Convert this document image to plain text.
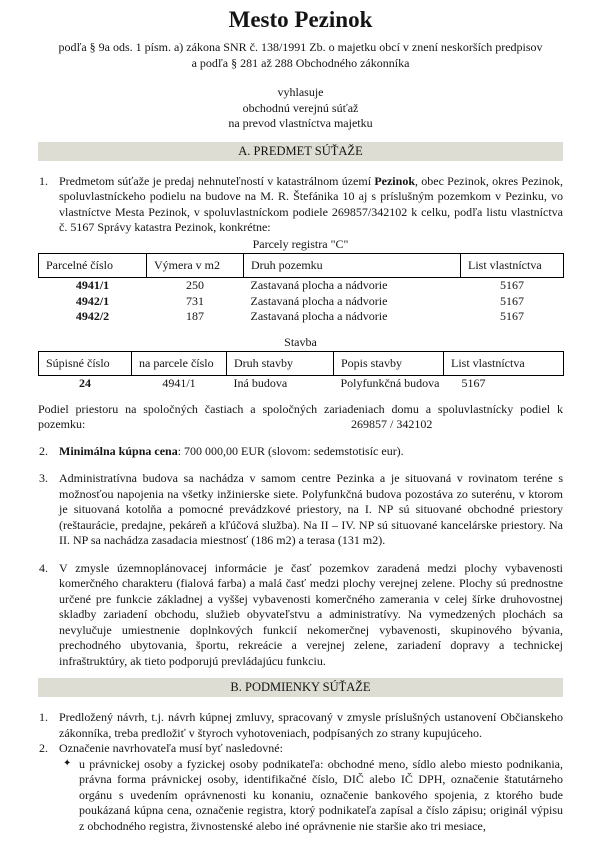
Mesto Pezinok
podľa § 9a ods. 1 písm. a) zákona SNR č. 138/1991 Zb. o majetku obcí v znení neskorších predpisov
a podľa § 281 až 288 Obchodného zákonníka
vyhlasuje
obchodnú verejnú súťaž
na prevod vlastníctva majetku
A. PREDMET SÚŤAŽE
1. Predmetom súťaže je predaj nehnuteľností v katastrálnom území Pezinok, obec Pezinok, okres Pezinok, spoluvlastníckeho podielu na budove na M. R. Štefánika 10 aj s príslušným pozemkom v Pezinku, vo vlastníctve Mesta Pezinok, v spoluvlastníckom podiele 269857/342102 k celku, podľa listu vlastníctva č. 5167 Správy katastra Pezinok, konkrétne:
Parcely registra "C"
Parcelné číslo	Výmera v m2	Druh pozemku	List vlastníctva
4941/1	250	Zastavaná plocha a nádvorie	5167
4942/1	731	Zastavaná plocha a nádvorie	5167
4942/2	187	Zastavaná plocha a nádvorie	5167
Stavba
Súpisné číslo	na parcele číslo	Druh stavby	Popis stavby	List vlastníctva
24	4941/1	Iná budova	Polyfunkčná budova	5167
Podiel priestoru na spoločných častiach a spoločných zariadeniach domu a spoluvlastnícky podiel k
pozemku:	269857 / 342102
2. Minimálna kúpna cena: 700 000,00 EUR (slovom: sedemstotisíc eur).
3. Administratívna budova sa nachádza v samom centre Pezinka a je situovaná v rovinatom teréne s možnosťou napojenia na všetky inžinierske siete. Polyfunkčná budova pozostáva zo suterénu, v ktorom je situovaná kotolňa a pomocné prevádzkové priestory, na I. NP sú situované obchodné priestory (reštaurácie, predajne, pekáreň a kľúčová služba). Na II – IV. NP sú situované kancelárske priestory. Na II. NP sa nachádza zasadacia miestnosť (186 m2) a terasa (131 m2).
4. V zmysle územnoplánovacej informácie je časť pozemkov zaradená medzi plochy vybavenosti komerčného charakteru (fialová farba) a malá časť medzi plochy verejnej zelene. Plochy sú prednostne určené pre funkcie základnej a vyššej vybavenosti komerčného zamerania v celej šírke druhovostnej skladby zariadení obchodu, služieb obyvateľstvu a administratívy. Na vymedzených plochách sa nevylučuje umiestnenie doplnkových funkcií nekomerčnej vybavenosti, skupinového bývania, prechodného ubytovania, športu, rekreácie a verejnej zelene, zariadení dopravy a technickej infraštruktúry, ak tieto podporujú prevládajúcu funkciu.
B. PODMIENKY SÚŤAŽE
1. Predložený návrh, t.j. návrh kúpnej zmluvy, spracovaný v zmysle príslušných ustanovení Občianskeho zákonníka, treba predložiť v štyroch vyhotoveniach, podpísaných zo strany kupujúceho.
2. Označenie navrhovateľa musí byť nasledovné:
✦ u právnickej osoby a fyzickej osoby podnikateľa: obchodné meno, sídlo alebo miesto podnikania, právna forma právnickej osoby, identifikačné číslo, DIČ alebo IČ DPH, označenie štatutárneho orgánu s uvedením oprávnenosti ku konaniu, označenie bankového spojenia, z ktorého bude poukázaná kúpna cena, označenie registra, ktorý podnikateľa zapísal a číslo zápisu; originál výpisu z obchodného registra, živnostenské alebo iné oprávnenie nie staršie ako tri mesiace,
